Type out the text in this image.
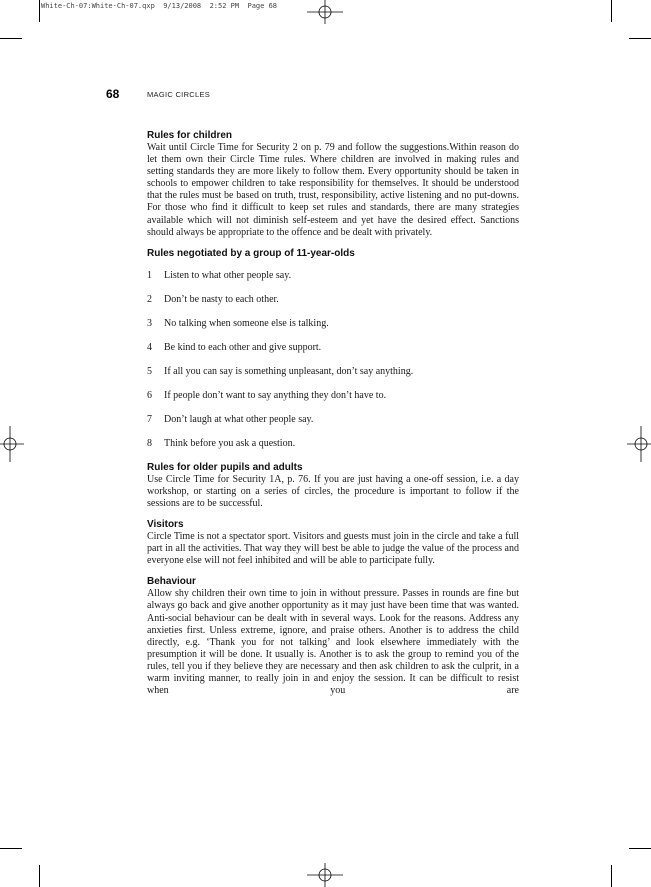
White-Ch-07:White-Ch-07.qxp  9/13/2008  2:52 PM  Page 68
68	MAGIC CIRCLES
Rules for children

Wait until Circle Time for Security 2 on p. 79 and follow the suggestions.Within reason do let them own their Circle Time rules. Where children are involved in making rules and setting standards they are more likely to follow them. Every opportunity should be taken in schools to empower children to take responsibility for themselves. It should be understood that the rules must be based on truth, trust, responsibility, active listening and no put-downs. For those who find it difficult to keep set rules and standards, there are many strategies available which will not diminish self-esteem and yet have the desired effect. Sanctions should always be appropriate to the offence and be dealt with privately.

Rules negotiated by a group of 11-year-olds
1 Listen to what other people say.
2 Don’t be nasty to each other.
3 No talking when someone else is talking.
4 Be kind to each other and give support.
5 If all you can say is something unpleasant, don’t say anything.
6 If people don’t want to say anything they don’t have to.
7 Don’t laugh at what other people say.
8 Think before you ask a question.
Rules for older pupils and adults

Use Circle Time for Security 1A, p. 76. If you are just having a one-off session, i.e. a day workshop, or starting on a series of circles, the procedure is important to follow if the sessions are to be successful.

Visitors

Circle Time is not a spectator sport. Visitors and guests must join in the circle and take a full part in all the activities. That way they will best be able to judge the value of the process and everyone else will not feel inhibited and will be able to participate fully.

Behaviour

Allow shy children their own time to join in without pressure. Passes in rounds are fine but always go back and give another opportunity as it may just have been time that was wanted. Anti-social behaviour can be dealt with in several ways. Look for the reasons. Address any anxieties first. Unless extreme, ignore, and praise others. Another is to address the child directly, e.g. ‘Thank you for not talking’ and look elsewhere immediately with the presumption it will be done. It usually is. Another is to ask the group to remind you of the rules, tell you if they believe they are necessary and then ask children to ask the culprit, in a warm inviting manner, to really join in and enjoy the session. It can be difficult to resist when you are
